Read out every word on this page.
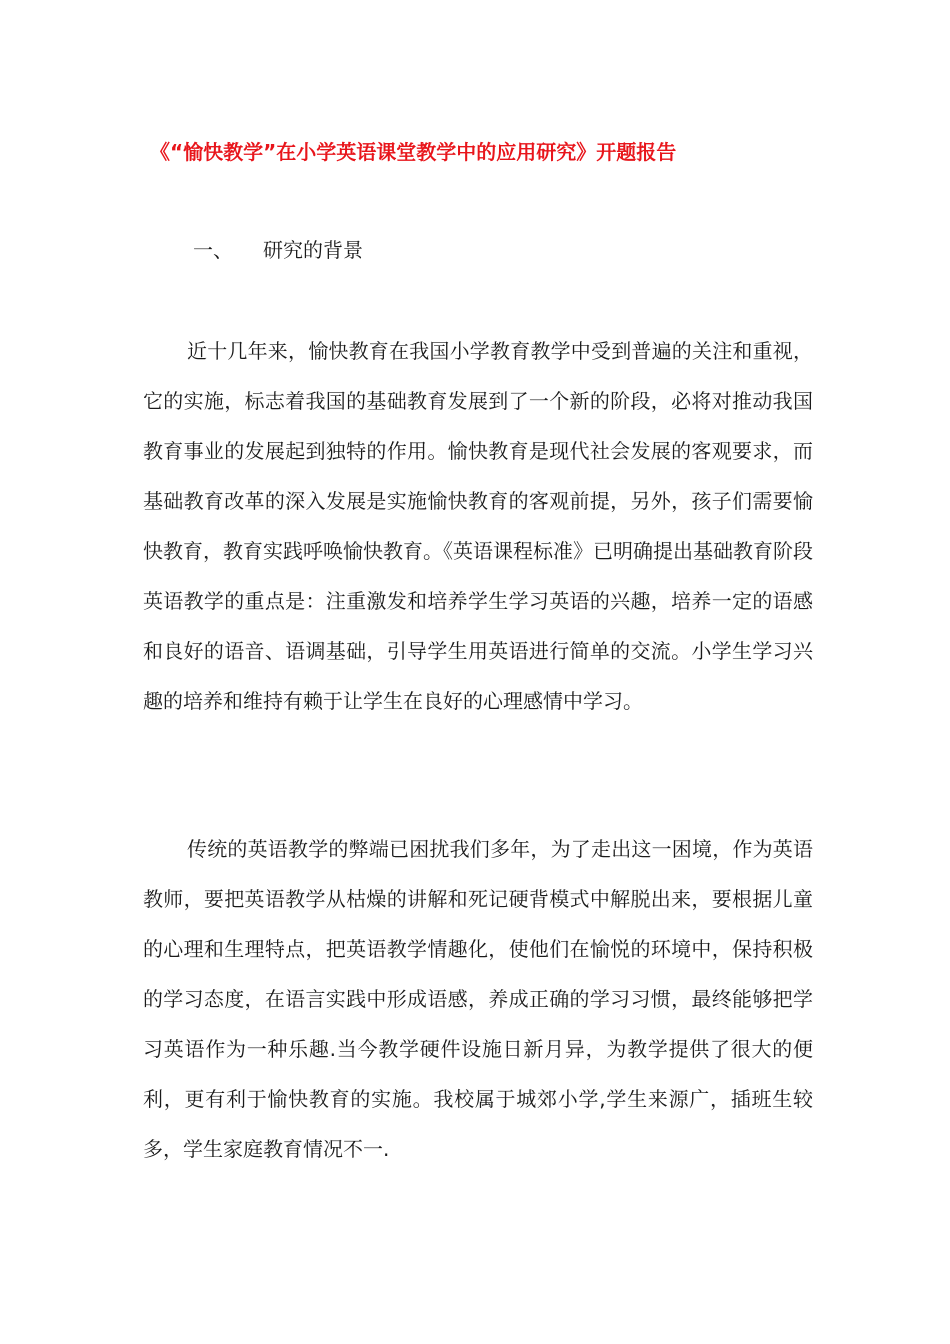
《“愉快教学”在小学英语课堂教学中的应用研究》开题报告
一、 研究的背景

近十几年来，愉快教育在我国小学教育教学中受到普遍的关注和重视，它的实施，标志着我国的基础教育发展到了一个新的阶段，必将对推动我国教育事业的发展起到独特的作用。愉快教育是现代社会发展的客观要求，而基础教育改革的深入发展是实施愉快教育的客观前提，另外，孩子们需要愉快教育，教育实践呼唤愉快教育。《英语课程标准》已明确提出基础教育阶段英语教学的重点是：注重激发和培养学生学习英语的兴趣，培养一定的语感和良好的语音、语调基础，引导学生用英语进行简单的交流。小学生学习兴趣的培养和维持有赖于让学生在良好的心理感情中学习。

传统的英语教学的弊端已困扰我们多年，为了走出这一困境，作为英语教师，要把英语教学从枯燥的讲解和死记硬背模式中解脱出来，要根据儿童的心理和生理特点，把英语教学情趣化，使他们在愉悦的环境中，保持积极的学习态度，在语言实践中形成语感，养成正确的学习习惯，最终能够把学习英语作为一种乐趣.当今教学硬件设施日新月异，为教学提供了很大的便利，更有利于愉快教育的实施。我校属于城郊小学,学生来源广，插班生较多，学生家庭教育情况不一.
